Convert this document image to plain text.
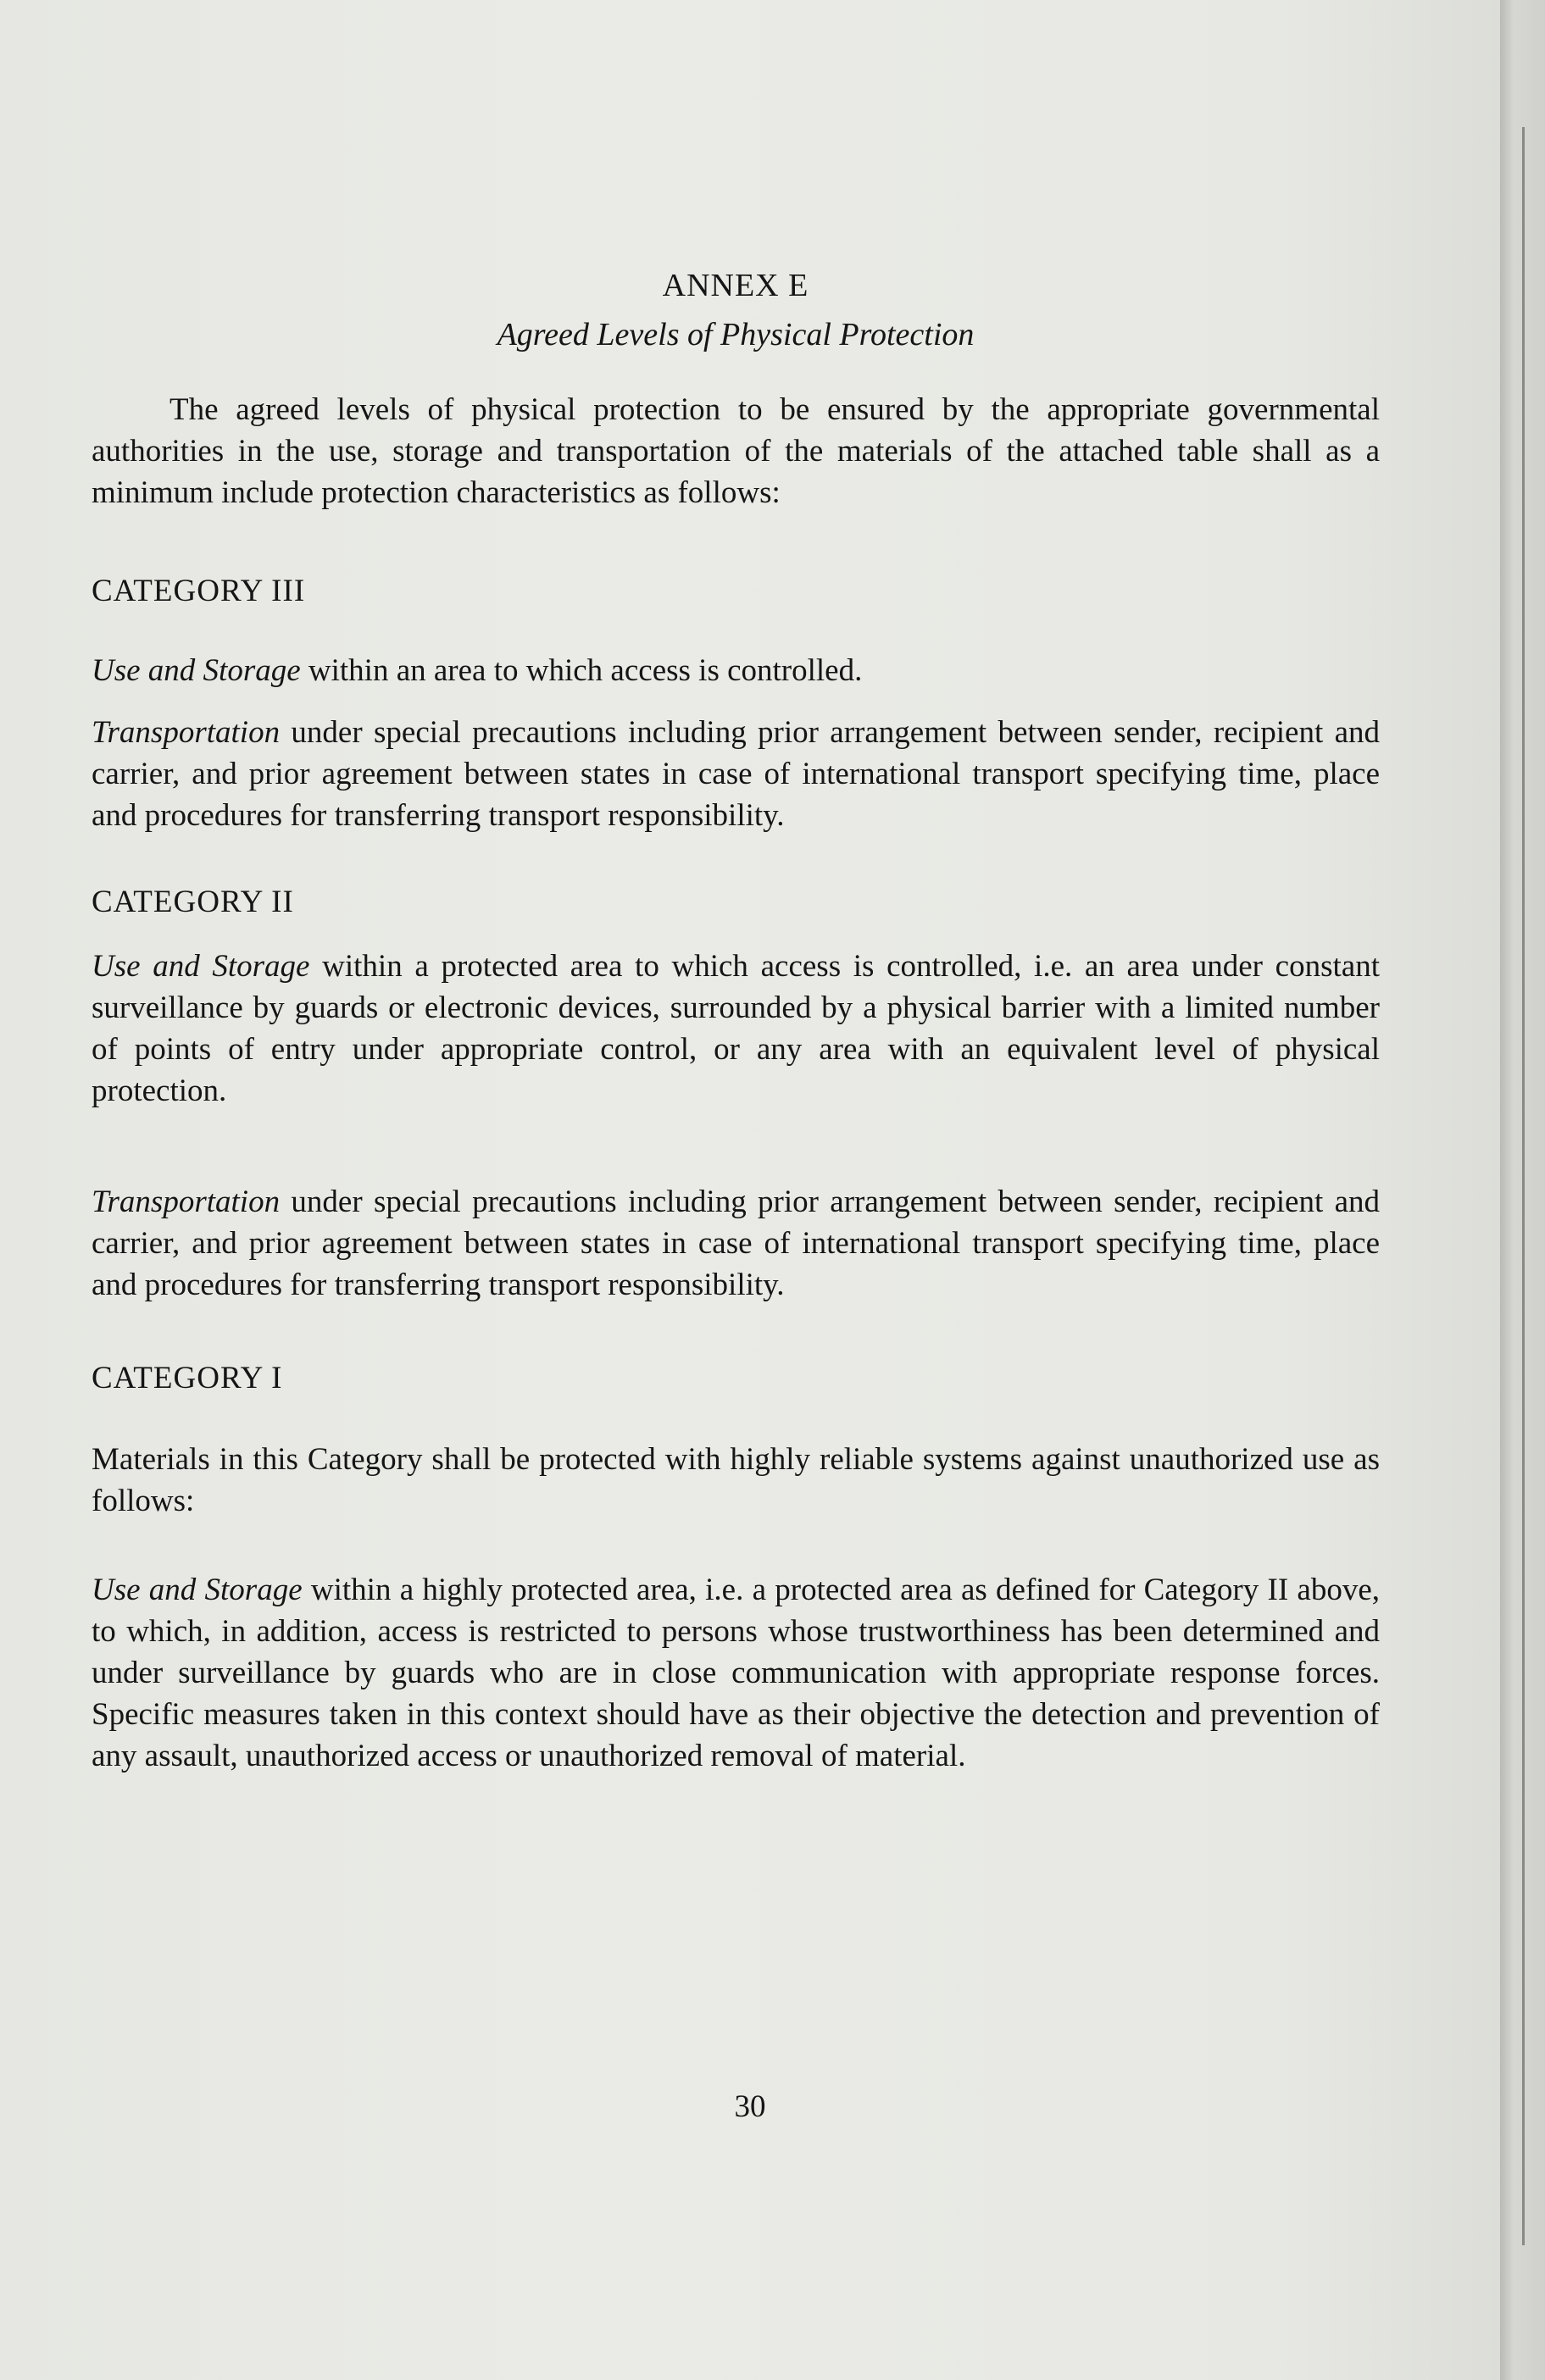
ANNEX E
Agreed Levels of Physical Protection

The agreed levels of physical protection to be ensured by the appropriate governmental authorities in the use, storage and transportation of the materials of the attached table shall as a minimum include protection characteristics as follows:

CATEGORY III

Use and Storage within an area to which access is controlled.

Transportation under special precautions including prior arrangement between sender, recipient and carrier, and prior agreement between states in case of international transport specifying time, place and procedures for transferring transport responsibility.

CATEGORY II

Use and Storage within a protected area to which access is controlled, i.e. an area under constant surveillance by guards or electronic devices, surrounded by a physical barrier with a limited number of points of entry under appropriate control, or any area with an equivalent level of physical protection.

Transportation under special precautions including prior arrangement between sender, recipient and carrier, and prior agreement between states in case of international transport specifying time, place and procedures for transferring transport responsibility.

CATEGORY I

Materials in this Category shall be protected with highly reliable systems against unauthorized use as follows:

Use and Storage within a highly protected area, i.e. a protected area as defined for Category II above, to which, in addition, access is restricted to persons whose trustworthiness has been determined and under surveillance by guards who are in close communication with appropriate response forces. Specific measures taken in this context should have as their objective the detection and prevention of any assault, unauthorized access or unauthorized removal of material.

30
